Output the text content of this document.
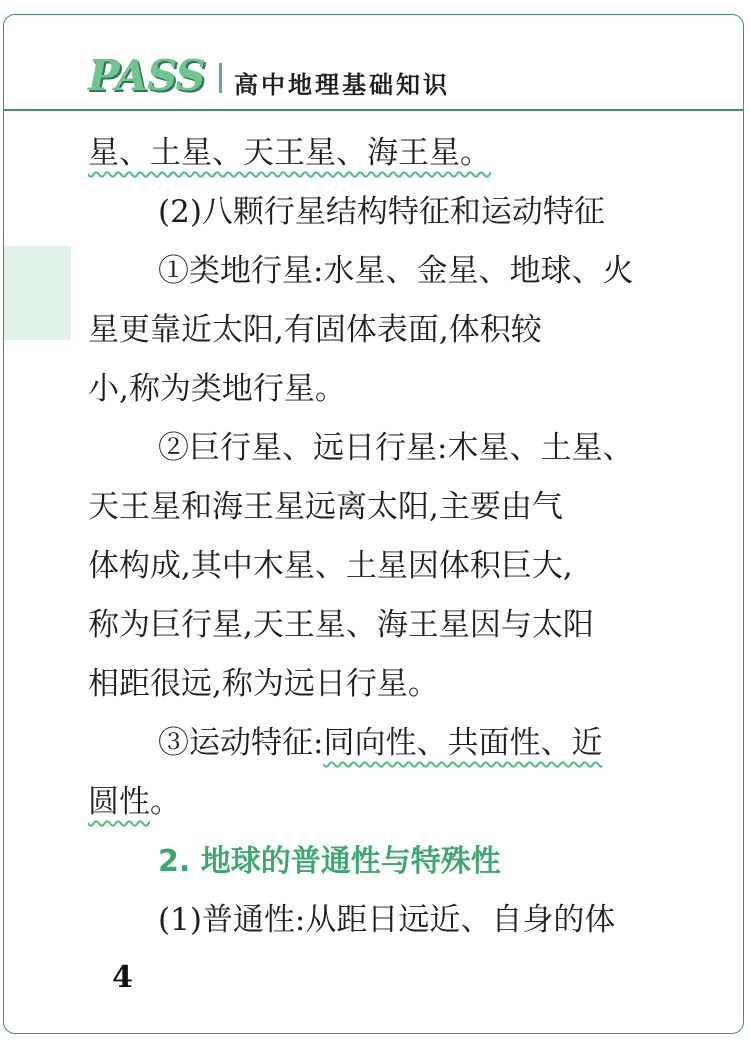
PASS 高中地理基础知识
星、土星、天王星、海王星。
(2)八颗行星结构特征和运动特征
①类地行星:水星、金星、地球、火
星更靠近太阳,有固体表面,体积较
小,称为类地行星。
②巨行星、远日行星:木星、土星、
天王星和海王星远离太阳,主要由气
体构成,其中木星、土星因体积巨大,
称为巨行星,天王星、海王星因与太阳
相距很远,称为远日行星。
③运动特征: 同向性、共面性、近
圆性 。
2. 地球的普通性与特殊性
(1)普通性:从距日远近、自身的体
4
